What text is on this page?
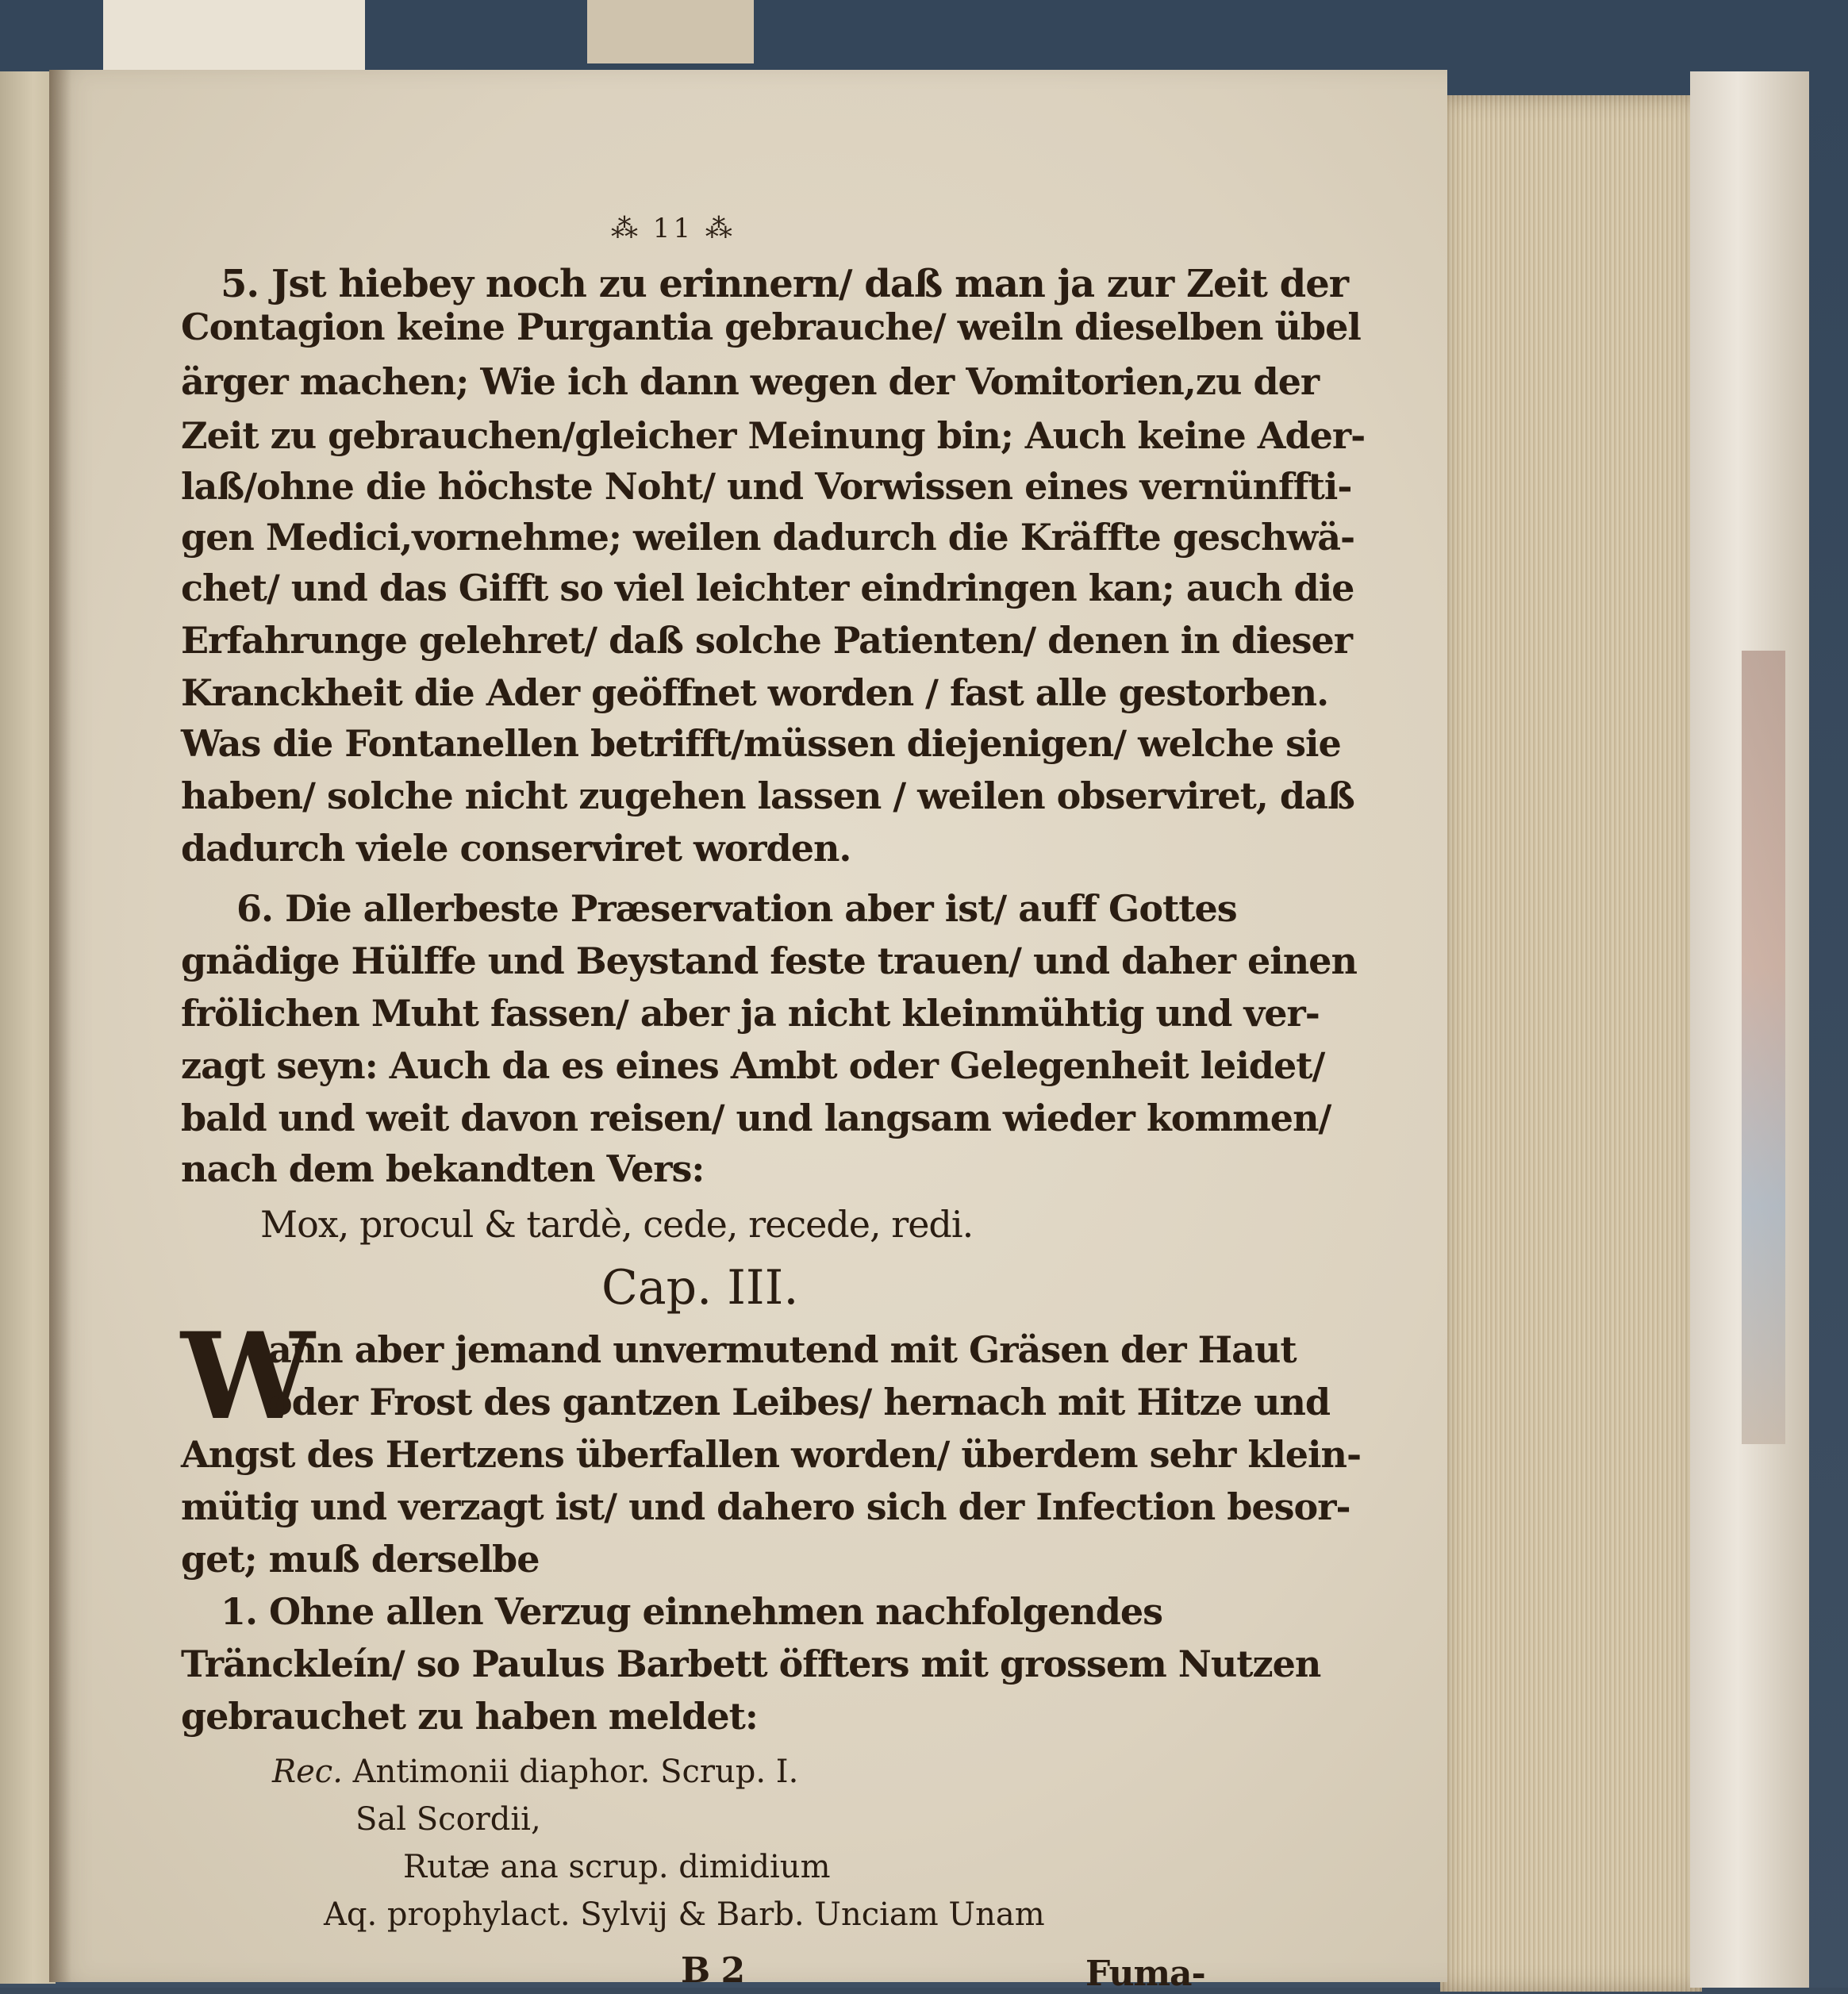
⁂ 11 ⁂
5. Jst hiebey noch zu erinnern/ daß man ja zur Zeit der
Contagion keine Purgantia gebrauche/ weiln dieselben übel
ärger machen; Wie ich dann wegen der Vomitorien,zu der
Zeit zu gebrauchen/gleicher Meinung bin; Auch keine Ader-
laß/ohne die höchste Noht/ und Vorwissen eines vernünffti-
gen Medici,vornehme; weilen dadurch die Kräffte geschwä-
chet/ und das Gifft so viel leichter eindringen kan; auch die
Erfahrunge gelehret/ daß solche Patienten/ denen in dieser
Kranckheit die Ader geöffnet worden / fast alle gestorben.
Was die Fontanellen betrifft/müssen diejenigen/ welche sie
haben/ solche nicht zugehen lassen / weilen observiret, daß
dadurch viele conserviret worden.
6. Die allerbeste Præservation aber ist/ auff Gottes
gnädige Hülffe und Beystand feste trauen/ und daher einen
frölichen Muht fassen/ aber ja nicht kleinmühtig und ver-
zagt seyn: Auch da es eines Ambt oder Gelegenheit leidet/
bald und weit davon reisen/ und langsam wieder kommen/
nach dem bekandten Vers:
Mox, procul & tardè, cede, recede, redi.
Cap. III.
W
ann aber jemand unvermutend mit Gräsen der Haut
oder Frost des gantzen Leibes/ hernach mit Hitze und
Angst des Hertzens überfallen worden/ überdem sehr klein-
mütig und verzagt ist/ und dahero sich der Infection besor-
get; muß derselbe
1. Ohne allen Verzug einnehmen nachfolgendes
Tränckleín/ so Paulus Barbett öffters mit grossem Nutzen
gebrauchet zu haben meldet:
Rec. Antimonii diaphor. Scrup. I.
Sal Scordii,
Rutæ ana scrup. dimidium
Aq. prophylact. Sylvij & Barb. Unciam Unam
B 2	Fuma-
